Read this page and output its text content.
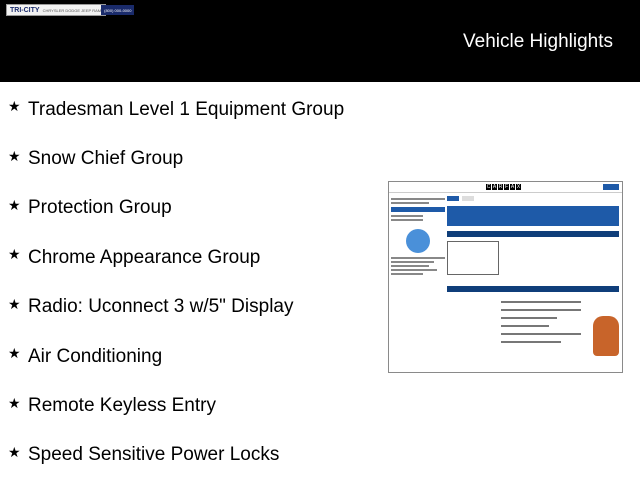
TRI-CITY CHRYSLER DODGE JEEP RAM (800) 000-0000
Vehicle Highlights
★ Tradesman Level 1 Equipment Group
★ Snow Chief Group
★ Protection Group
★ Chrome Appearance Group
★ Radio: Uconnect 3 w/5" Display
★ Air Conditioning
★ Remote Keyless Entry
★ Speed Sensitive Power Locks
C A R F A X
